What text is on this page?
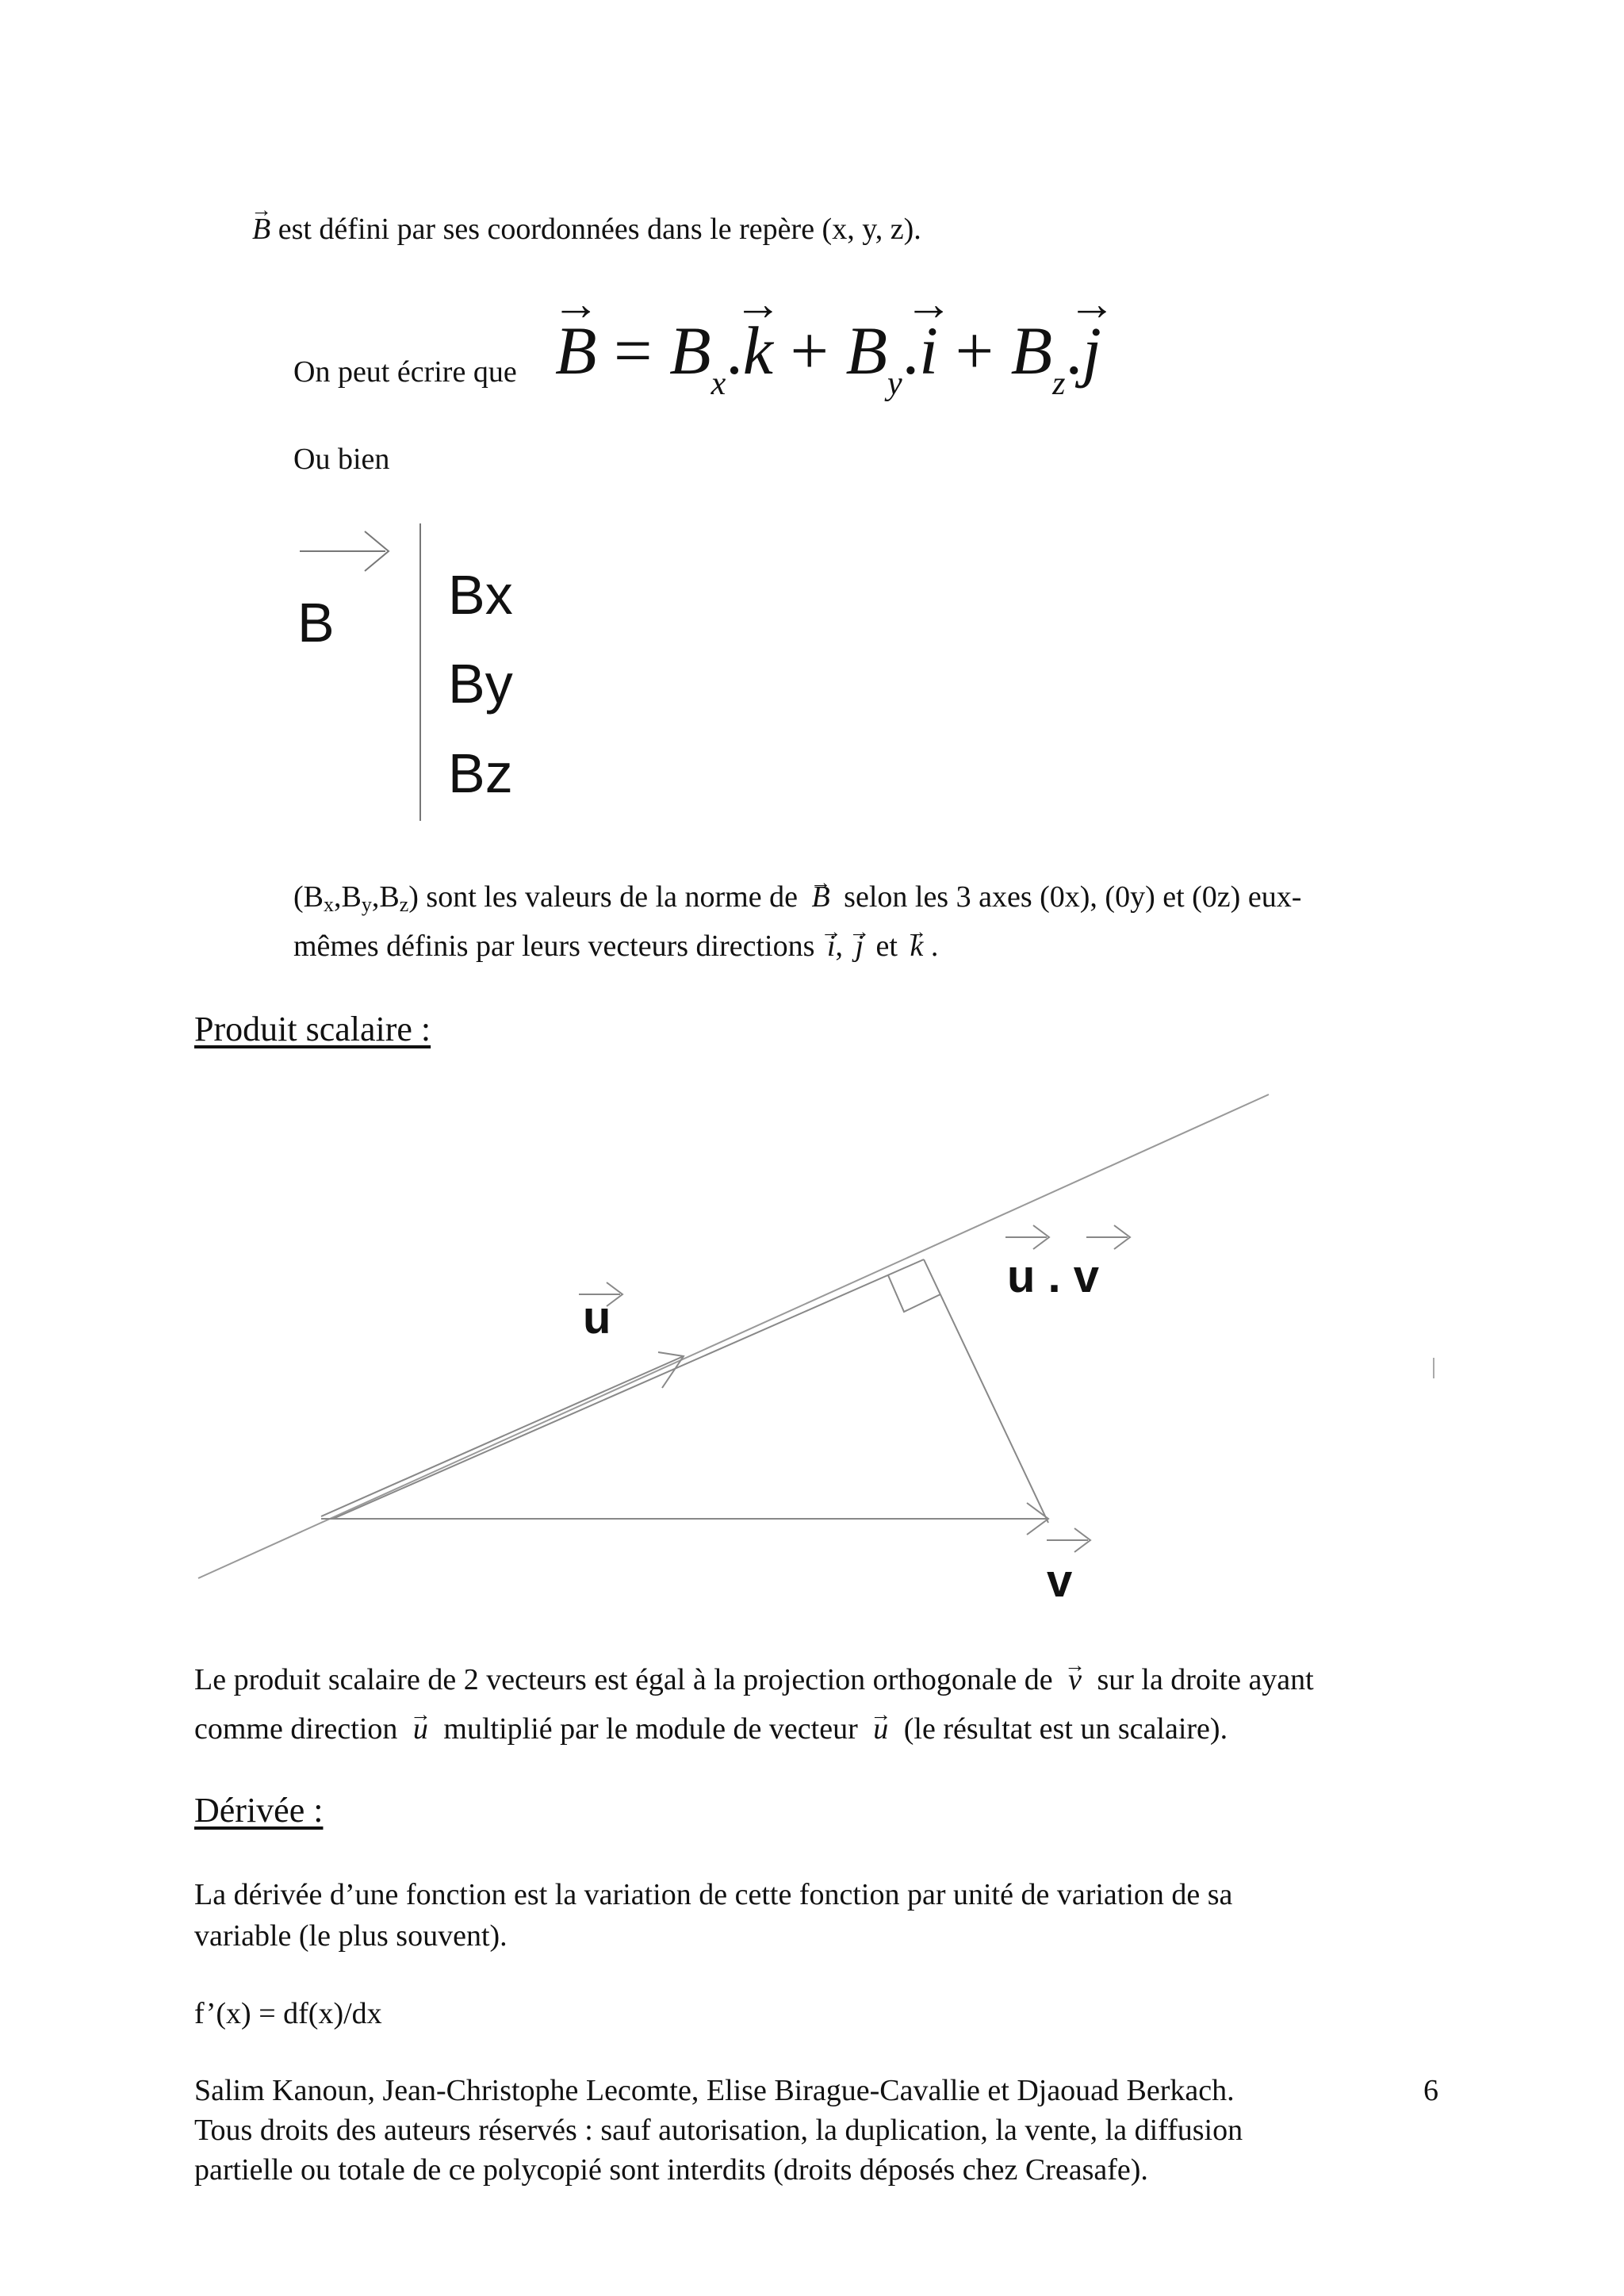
→ B est défini par ses coordonnées dans le repère (x, y, z).
On peut écrire que → $B = B_x.\to k + B_y.\to i + B_z.\to j$
Ou bien
B Bx
By
Bz
$(B_x,B_y,B_z)$ sont les valeurs de la norme de → B selon les 3 axes (0x), (0y) et (0z) eux-
mêmes définis par leurs vecteurs directions → i, → j et → k .
Produit scalaire :
u
u . v
v
Le produit scalaire de 2 vecteurs est égal à la projection orthogonale de → v sur la droite ayant
comme direction → u multiplié par le module de vecteur → u (le résultat est un scalaire).
Dérivée :
La dérivée d’une fonction est la variation de cette fonction par unité de variation de sa
variable (le plus souvent).
f’(x) = df(x)/dx
Salim Kanoun, Jean-Christophe Lecomte, Elise Birague-Cavallie et Djaouad Berkach.
Tous droits des auteurs réservés : sauf autorisation, la duplication, la vente, la diffusion
partielle ou totale de ce polycopié sont interdits (droits déposés chez Creasafe).
6
